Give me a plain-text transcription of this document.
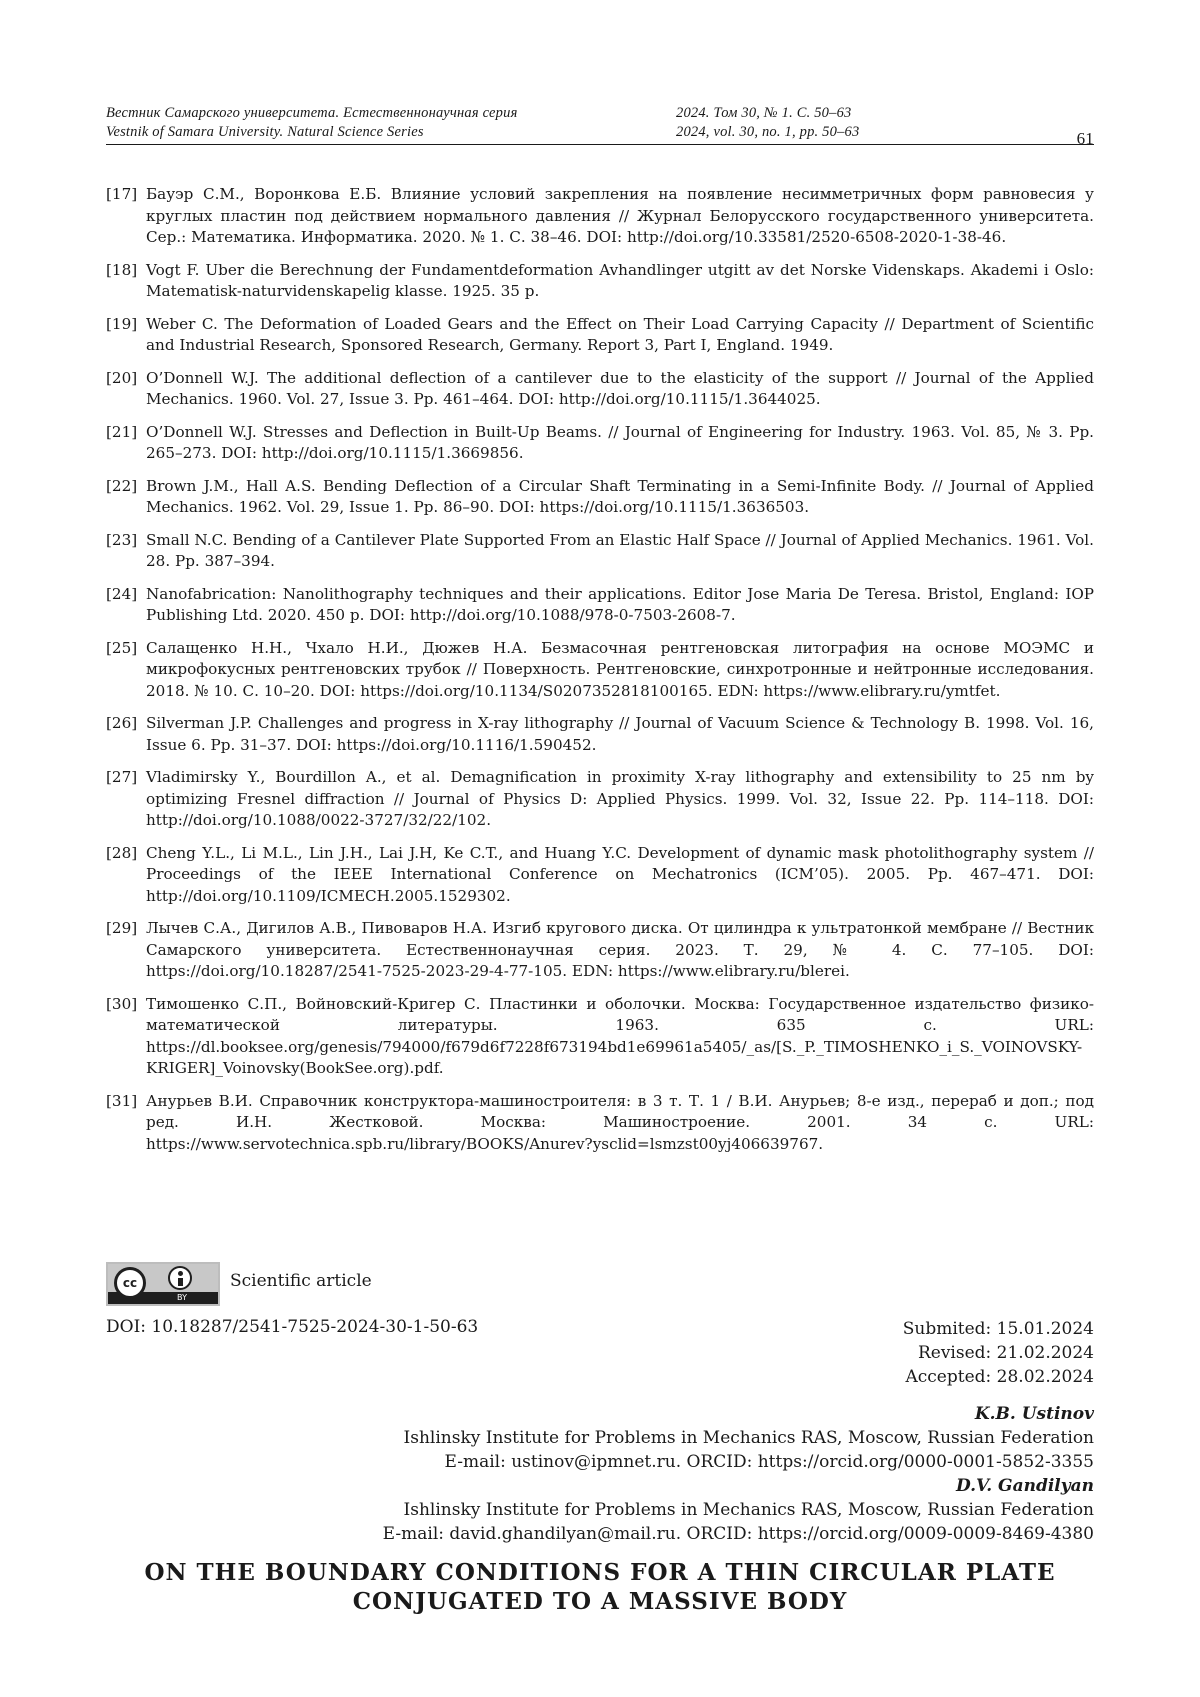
Вестник Самарского университета. Естественнонаучная серия	2024. Том 30, № 1. С. 50–63
Vestnik of Samara University. Natural Science Series	2024, vol. 30, no. 1, pp. 50–63	61
[17] Бауэр С.М., Воронкова Е.Б. Влияние условий закрепления на появление несимметричных форм равновесия у круглых пластин под действием нормального давления // Журнал Белорусского государственного университета. Сер.: Математика. Информатика. 2020. № 1. С. 38–46. DOI: http://doi.org/10.33581/2520-6508-2020-1-38-46.
[18] Vogt F. Uber die Berechnung der Fundamentdeformation Avhandlinger utgitt av det Norske Videnskaps. Akademi i Oslo: Matematisk-naturvidenskapelig klasse. 1925. 35 p.
[19] Weber C. The Deformation of Loaded Gears and the Effect on Their Load Carrying Capacity // Department of Scientific and Industrial Research, Sponsored Research, Germany. Report 3, Part I, England. 1949.
[20] O’Donnell W.J. The additional deflection of a cantilever due to the elasticity of the support // Journal of the Applied Mechanics. 1960. Vol. 27, Issue 3. Pp. 461–464. DOI: http://doi.org/10.1115/1.3644025.
[21] O’Donnell W.J. Stresses and Deflection in Built-Up Beams. // Journal of Engineering for Industry. 1963. Vol. 85, № 3. Pp. 265–273. DOI: http://doi.org/10.1115/1.3669856.
[22] Brown J.M., Hall A.S. Bending Deflection of a Circular Shaft Terminating in a Semi-Infinite Body. // Journal of Applied Mechanics. 1962. Vol. 29, Issue 1. Pp. 86–90. DOI: https://doi.org/10.1115/1.3636503.
[23] Small N.C. Bending of a Cantilever Plate Supported From an Elastic Half Space // Journal of Applied Mechanics. 1961. Vol. 28. Pp. 387–394.
[24] Nanofabrication: Nanolithography techniques and their applications. Editor Jose Maria De Teresa. Bristol, England: IOP Publishing Ltd. 2020. 450 p. DOI: http://doi.org/10.1088/978-0-7503-2608-7.
[25] Салащенко Н.Н., Чхало Н.И., Дюжев Н.А. Безмасочная рентгеновская литография на основе МОЭМС и микрофокусных рентгеновских трубок // Поверхность. Рентгеновские, синхротронные и нейтронные исследования. 2018. № 10. С. 10–20. DOI: https://doi.org/10.1134/S0207352818100165. EDN: https://www.elibrary.ru/ymtfet.
[26] Silverman J.P. Challenges and progress in X-ray lithography // Journal of Vacuum Science & Technology B. 1998. Vol. 16, Issue 6. Pp. 31–37. DOI: https://doi.org/10.1116/1.590452.
[27] Vladimirsky Y., Bourdillon A., et al. Demagnification in proximity X-ray lithography and extensibility to 25 nm by optimizing Fresnel diffraction // Journal of Physics D: Applied Physics. 1999. Vol. 32, Issue 22. Pp. 114–118. DOI: http://doi.org/10.1088/0022-3727/32/22/102.
[28] Cheng Y.L., Li M.L., Lin J.H., Lai J.H, Ke C.T., and Huang Y.C. Development of dynamic mask photolithography system // Proceedings of the IEEE International Conference on Mechatronics (ICM’05). 2005. Pp. 467–471. DOI: http://doi.org/10.1109/ICMECH.2005.1529302.
[29] Лычев С.А., Дигилов А.В., Пивоваров Н.А. Изгиб кругового диска. От цилиндра к ультратонкой мембране // Вестник Самарского университета. Естественнонаучная серия. 2023. Т. 29, № 4. С. 77–105. DOI: https://doi.org/10.18287/2541-7525-2023-29-4-77-105. EDN: https://www.elibrary.ru/blerei.
[30] Тимошенко С.П., Войновский-Кригер С. Пластинки и оболочки. Москва: Государственное издательство физико-математической литературы. 1963. 635 с. URL: https://dl.booksee.org/genesis/794000/f679d6f7228f673194bd1e69961a5405/_as/[S._P._TIMOSHENKO_i_S._VOINOVSKY-KRIGER]_Voinovsky(BookSee.org).pdf.
[31] Анурьев В.И. Справочник конструктора-машиностроителя: в 3 т. Т. 1 / В.И. Анурьев; 8-е изд., перераб и доп.; под ред. И.Н. Жестковой. Москва: Машиностроение. 2001. 34 с. URL: https://www.servotechnica.spb.ru/library/BOOKS/Anurev?ysclid=lsmzst00yj406639767.
cc
BY
Scientific article
DOI: 10.18287/2541-7525-2024-30-1-50-63	Submited: 15.01.2024
Revised: 21.02.2024
Accepted: 28.02.2024
K.B. Ustinov
Ishlinsky Institute for Problems in Mechanics RAS, Moscow, Russian Federation
E-mail: ustinov@ipmnet.ru. ORCID: https://orcid.org/0000-0001-5852-3355
D.V. Gandilyan
Ishlinsky Institute for Problems in Mechanics RAS, Moscow, Russian Federation
E-mail: david.ghandilyan@mail.ru. ORCID: https://orcid.org/0009-0009-8469-4380
ON THE BOUNDARY CONDITIONS FOR A THIN CIRCULAR PLATE
CONJUGATED TO A MASSIVE BODY
